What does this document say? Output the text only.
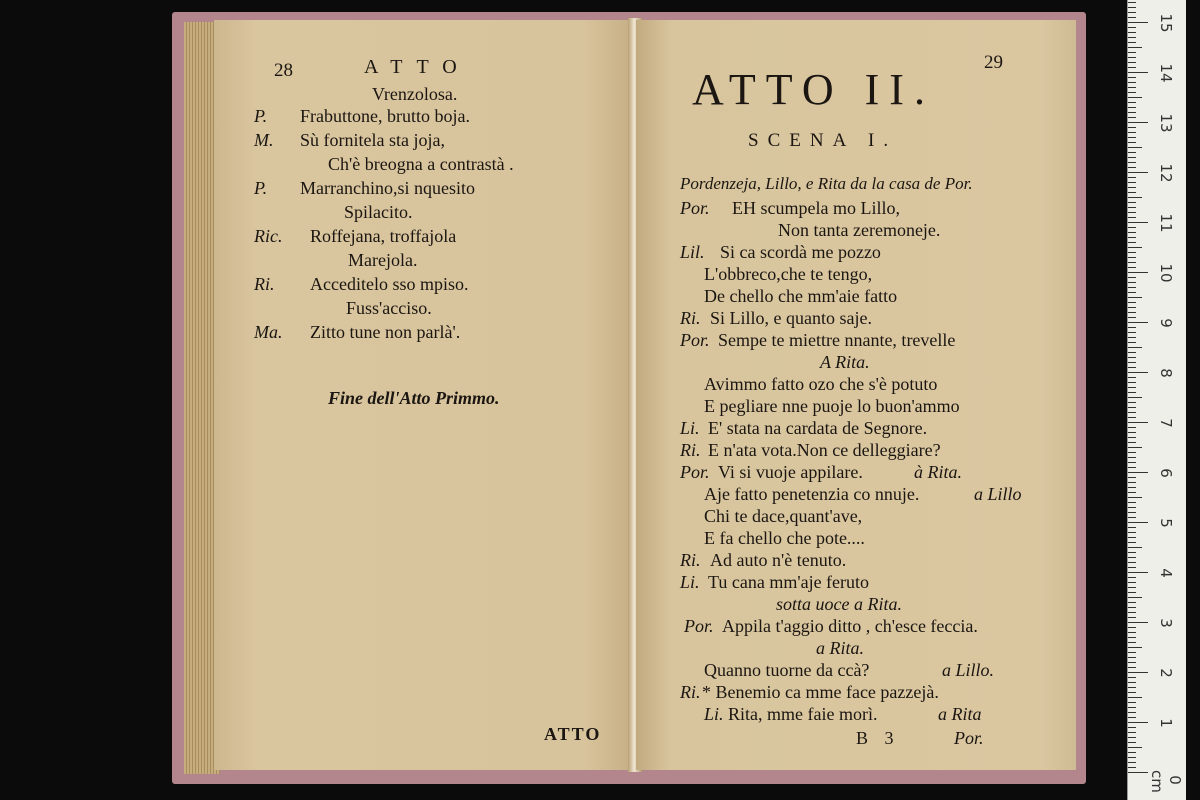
28	ATTO
Vrenzolosa.
P. Frabuttone, brutto boja.
M. Sù fornitela sta joja,
Ch'è breogna a contrastà .
P. Marranchino,si nquesito
Spilacito.
Ric. Roffejana, troffajola
Marejola.
Ri. Acceditelo sso mpiso.
Fuss'acciso.
Ma. Zitto tune non parlà'.
Fine dell'Atto Primmo.
ATTO
29
ATTO II.
SCENA I.
Pordenzeja, Lillo, e Rita da la casa de Por.
Por. EH scumpela mo Lillo,
Non tanta zeremoneje.
Lil. Si ca scordà me pozzo
L'obbreco,che te tengo,
De chello che mm'aie fatto
Ri. Si Lillo, e quanto saje.
Por. Sempe te miettre nnante, trevelle
A Rita.
Avimmo fatto ozo che s'è potuto
E pegliare nne puoje lo buon'ammo
Li. E' stata na cardata de Segnore.
Ri. E n'ata vota.Non ce delleggiare?
Por. Vi si vuoje appilare.	à Rita.
Aje fatto penetenzia co nnuje.	a Lillo
Chi te dace,quant'ave,
E fa chello che pote....
Ri. Ad auto n'è tenuto.
Li. Tu cana mm'aje feruto
sotta uoce a Rita.
Por. Appila t'aggio ditto , ch'esce feccia.
a Rita.
Quanno tuorne da ccà?	a Lillo.
Ri. * Benemio ca mme face pazzejà.
Li. Rita, mme faie morì.	a Rita
B 3	Por.
15
14
13
12
11
10
9
8
7
6
5
4
3
2
1
0 cm
